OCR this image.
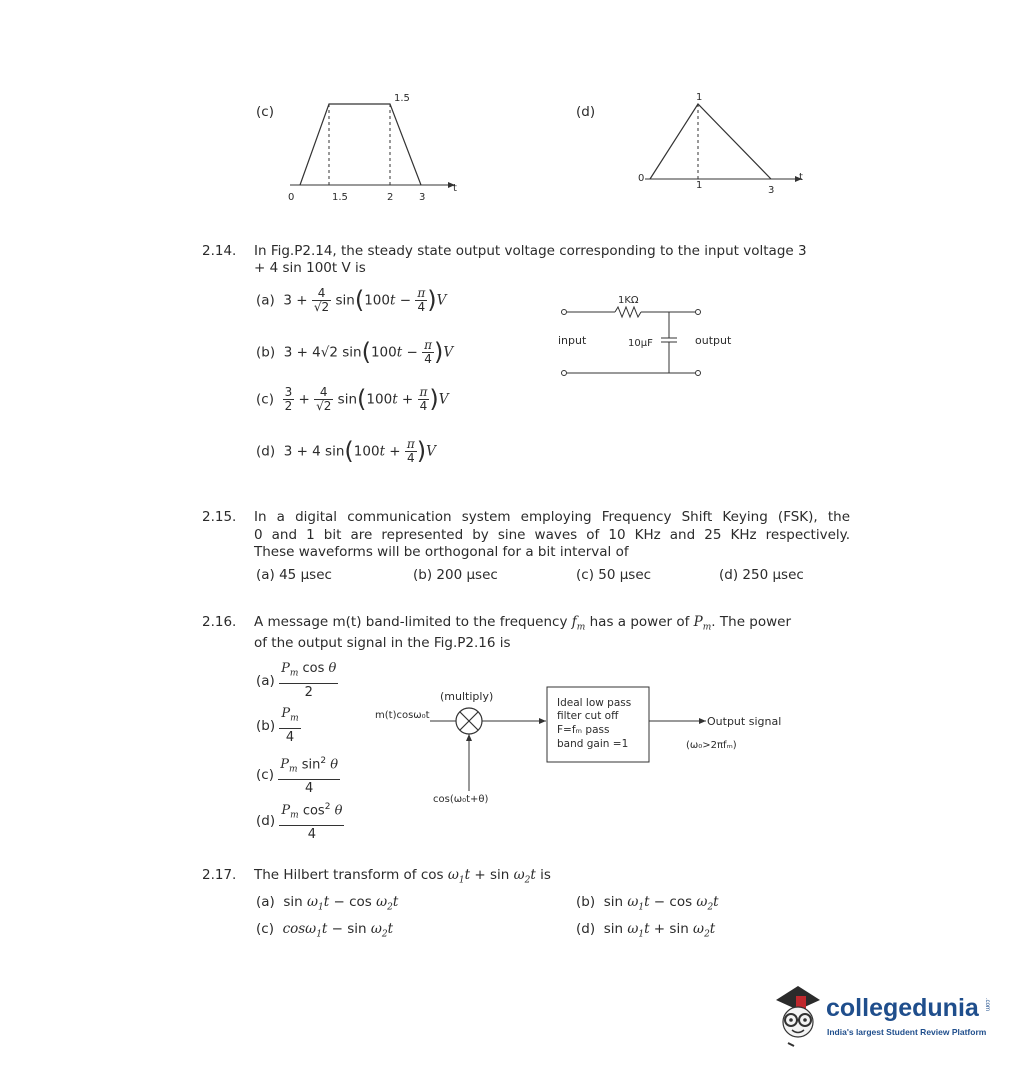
(c)
1.5
0	1.5	2	3
t
(d)
1
0
1	3
t
2.14. In Fig.P2.14, the steady state output voltage corresponding to the input voltage 3
+ 4 sin 100t V is
(a)  $3 + \frac{4}{√2} \sin(100t - \frac{\pi}{4} )V$
(b)  3 + 4√2 $\sin(100t - \frac{\pi}{4} )V$
$(c) \frac{3}{2} + \frac{4}{√2} \sin(100t + \frac{\pi}{4} )V$
(d)  3 + 4 $\sin(100t + \frac{\pi}{4} )V$
1KΩ
10μF
input	output
2.15. In a digital communication system employing Frequency Shift Keying (FSK), the
0 and 1 bit are represented by sine waves of 10 KHz and 25 KHz respectively.
These waveforms will be orthogonal for a bit interval of
(a) 45 μsec	(b) 200 μsec	(c) 50 μsec	(d) 250 μsec
2.16. A message m(t) band-limited to the frequency $f_m$ has a power of $P_m$. The power
of the output signal in the Fig.P2.16 is
$(a) \frac{P_m \cos \theta}{2}$
$(b) \frac{P_m}{4}$
$(c) \frac{P_m \sin^2 \theta}{4}$
$(d) \frac{P_m \cos^2 \theta}{4}$
(multiply)
m(t)cosω₀t
Ideal low pass
filter cut off
F=fₘ pass
band gain =1
Output signal
(ω₀>2πfₘ)
cos(ω₀t+θ)
2.17. The Hilbert transform of $\cos \omega_1t + \sin \omega_2t$ is
(a)  $\sin \omega_1t - \cos \omega_2t$	(b)  $\sin \omega_1t - \cos \omega_2t$
(c) $\cos\omega_1t - \sin \omega_2t$	(d)  $\sin \omega_1t + \sin \omega_2t$
collegedunia .com
India's largest Student Review Platform
